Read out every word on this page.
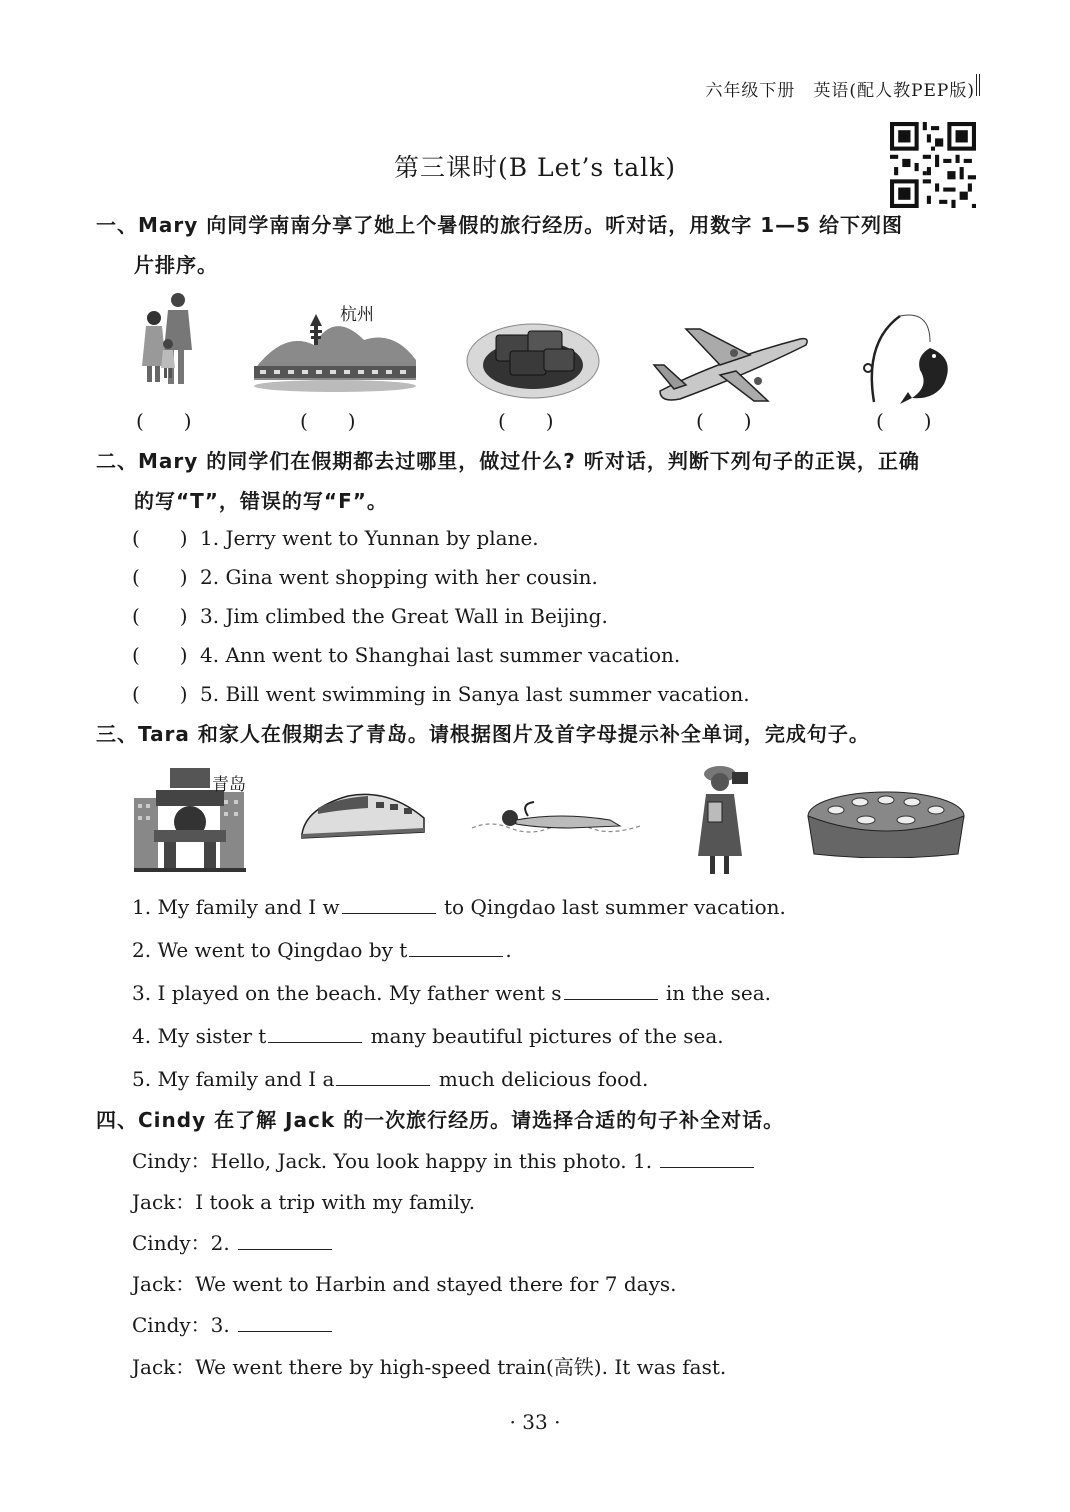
六年级下册　英语(配人教PEP版)
第三课时(B Let’s talk)
一、Mary 向同学南南分享了她上个暑假的旅行经历。听对话，用数字 1—5 给下列图
片排序。
杭州
(　　)	(　　)	(　　)	(　　)	(　　)
二、Mary 的同学们在假期都去过哪里，做过什么? 听对话，判断下列句子的正误，正确
的写“T”，错误的写“F”。
(　　) 1. Jerry went to Yunnan by plane.
(　　) 2. Gina went shopping with her cousin.
(　　) 3. Jim climbed the Great Wall in Beijing.
(　　) 4. Ann went to Shanghai last summer vacation.
(　　) 5. Bill went swimming in Sanya last summer vacation.
三、Tara 和家人在假期去了青岛。请根据图片及首字母提示补全单词，完成句子。
青岛
1. My family and I w	to Qingdao last summer vacation.
2. We went to Qingdao by t	.
3. I played on the beach. My father went s	in the sea.
4. My sister t	many beautiful pictures of the sea.
5. My family and I a	much delicious food.
四、Cindy 在了解 Jack 的一次旅行经历。请选择合适的句子补全对话。
Cindy：Hello, Jack. You look happy in this photo. 1.
Jack：I took a trip with my family.
Cindy：2.
Jack：We went to Harbin and stayed there for 7 days.
Cindy：3.
Jack：We went there by high-speed train(高铁). It was fast.
· 33 ·
